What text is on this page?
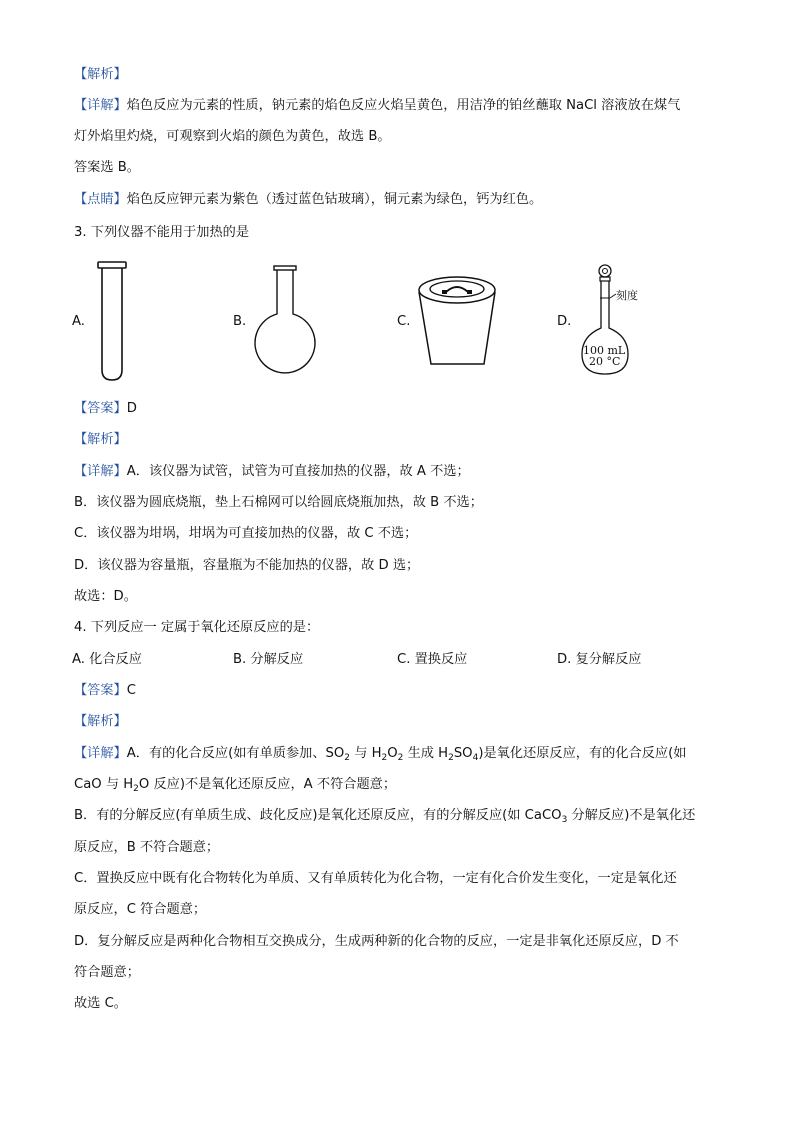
【解析】
【详解】焰色反应为元素的性质，钠元素的焰色反应火焰呈黄色，用洁净的铂丝蘸取 NaCl 溶液放在煤气
灯外焰里灼烧，可观察到火焰的颜色为黄色，故选 B。
答案选 B。
【点睛】焰色反应钾元素为紫色（透过蓝色钴玻璃），铜元素为绿色，钙为红色。
3. 下列仪器不能用于加热的是
A.	B.	C.	D.
刻度
100 mL
20 °C
【答案】D
【解析】
【详解】A．该仪器为试管，试管为可直接加热的仪器，故 A 不选；
B．该仪器为圆底烧瓶，垫上石棉网可以给圆底烧瓶加热，故 B 不选；
C．该仪器为坩埚，坩埚为可直接加热的仪器，故 C 不选；
D．该仪器为容量瓶，容量瓶为不能加热的仪器，故 D 选；
故选：D。
4. 下列反应一 定属于氧化还原反应的是：
A. 化合反应	B. 分解反应	C. 置换反应	D. 复分解反应
【答案】C
【解析】
【详解】A．有的化合反应(如有单质参加、$SO_2$ 与 $H_2O_2$ 生成 $H_2SO_4$)是氧化还原反应，有的化合反应(如
CaO 与 $H_2O$ 反应)不是氧化还原反应，A 不符合题意；
B．有的分解反应(有单质生成、歧化反应)是氧化还原反应，有的分解反应(如 CaCO$_3$ 分解反应)不是氧化还
原反应，B 不符合题意；
C．置换反应中既有化合物转化为单质、又有单质转化为化合物，一定有化合价发生变化，一定是氧化还
原反应，C 符合题意；
D．复分解反应是两种化合物相互交换成分，生成两种新的化合物的反应，一定是非氧化还原反应，D 不
符合题意；
故选 C。
